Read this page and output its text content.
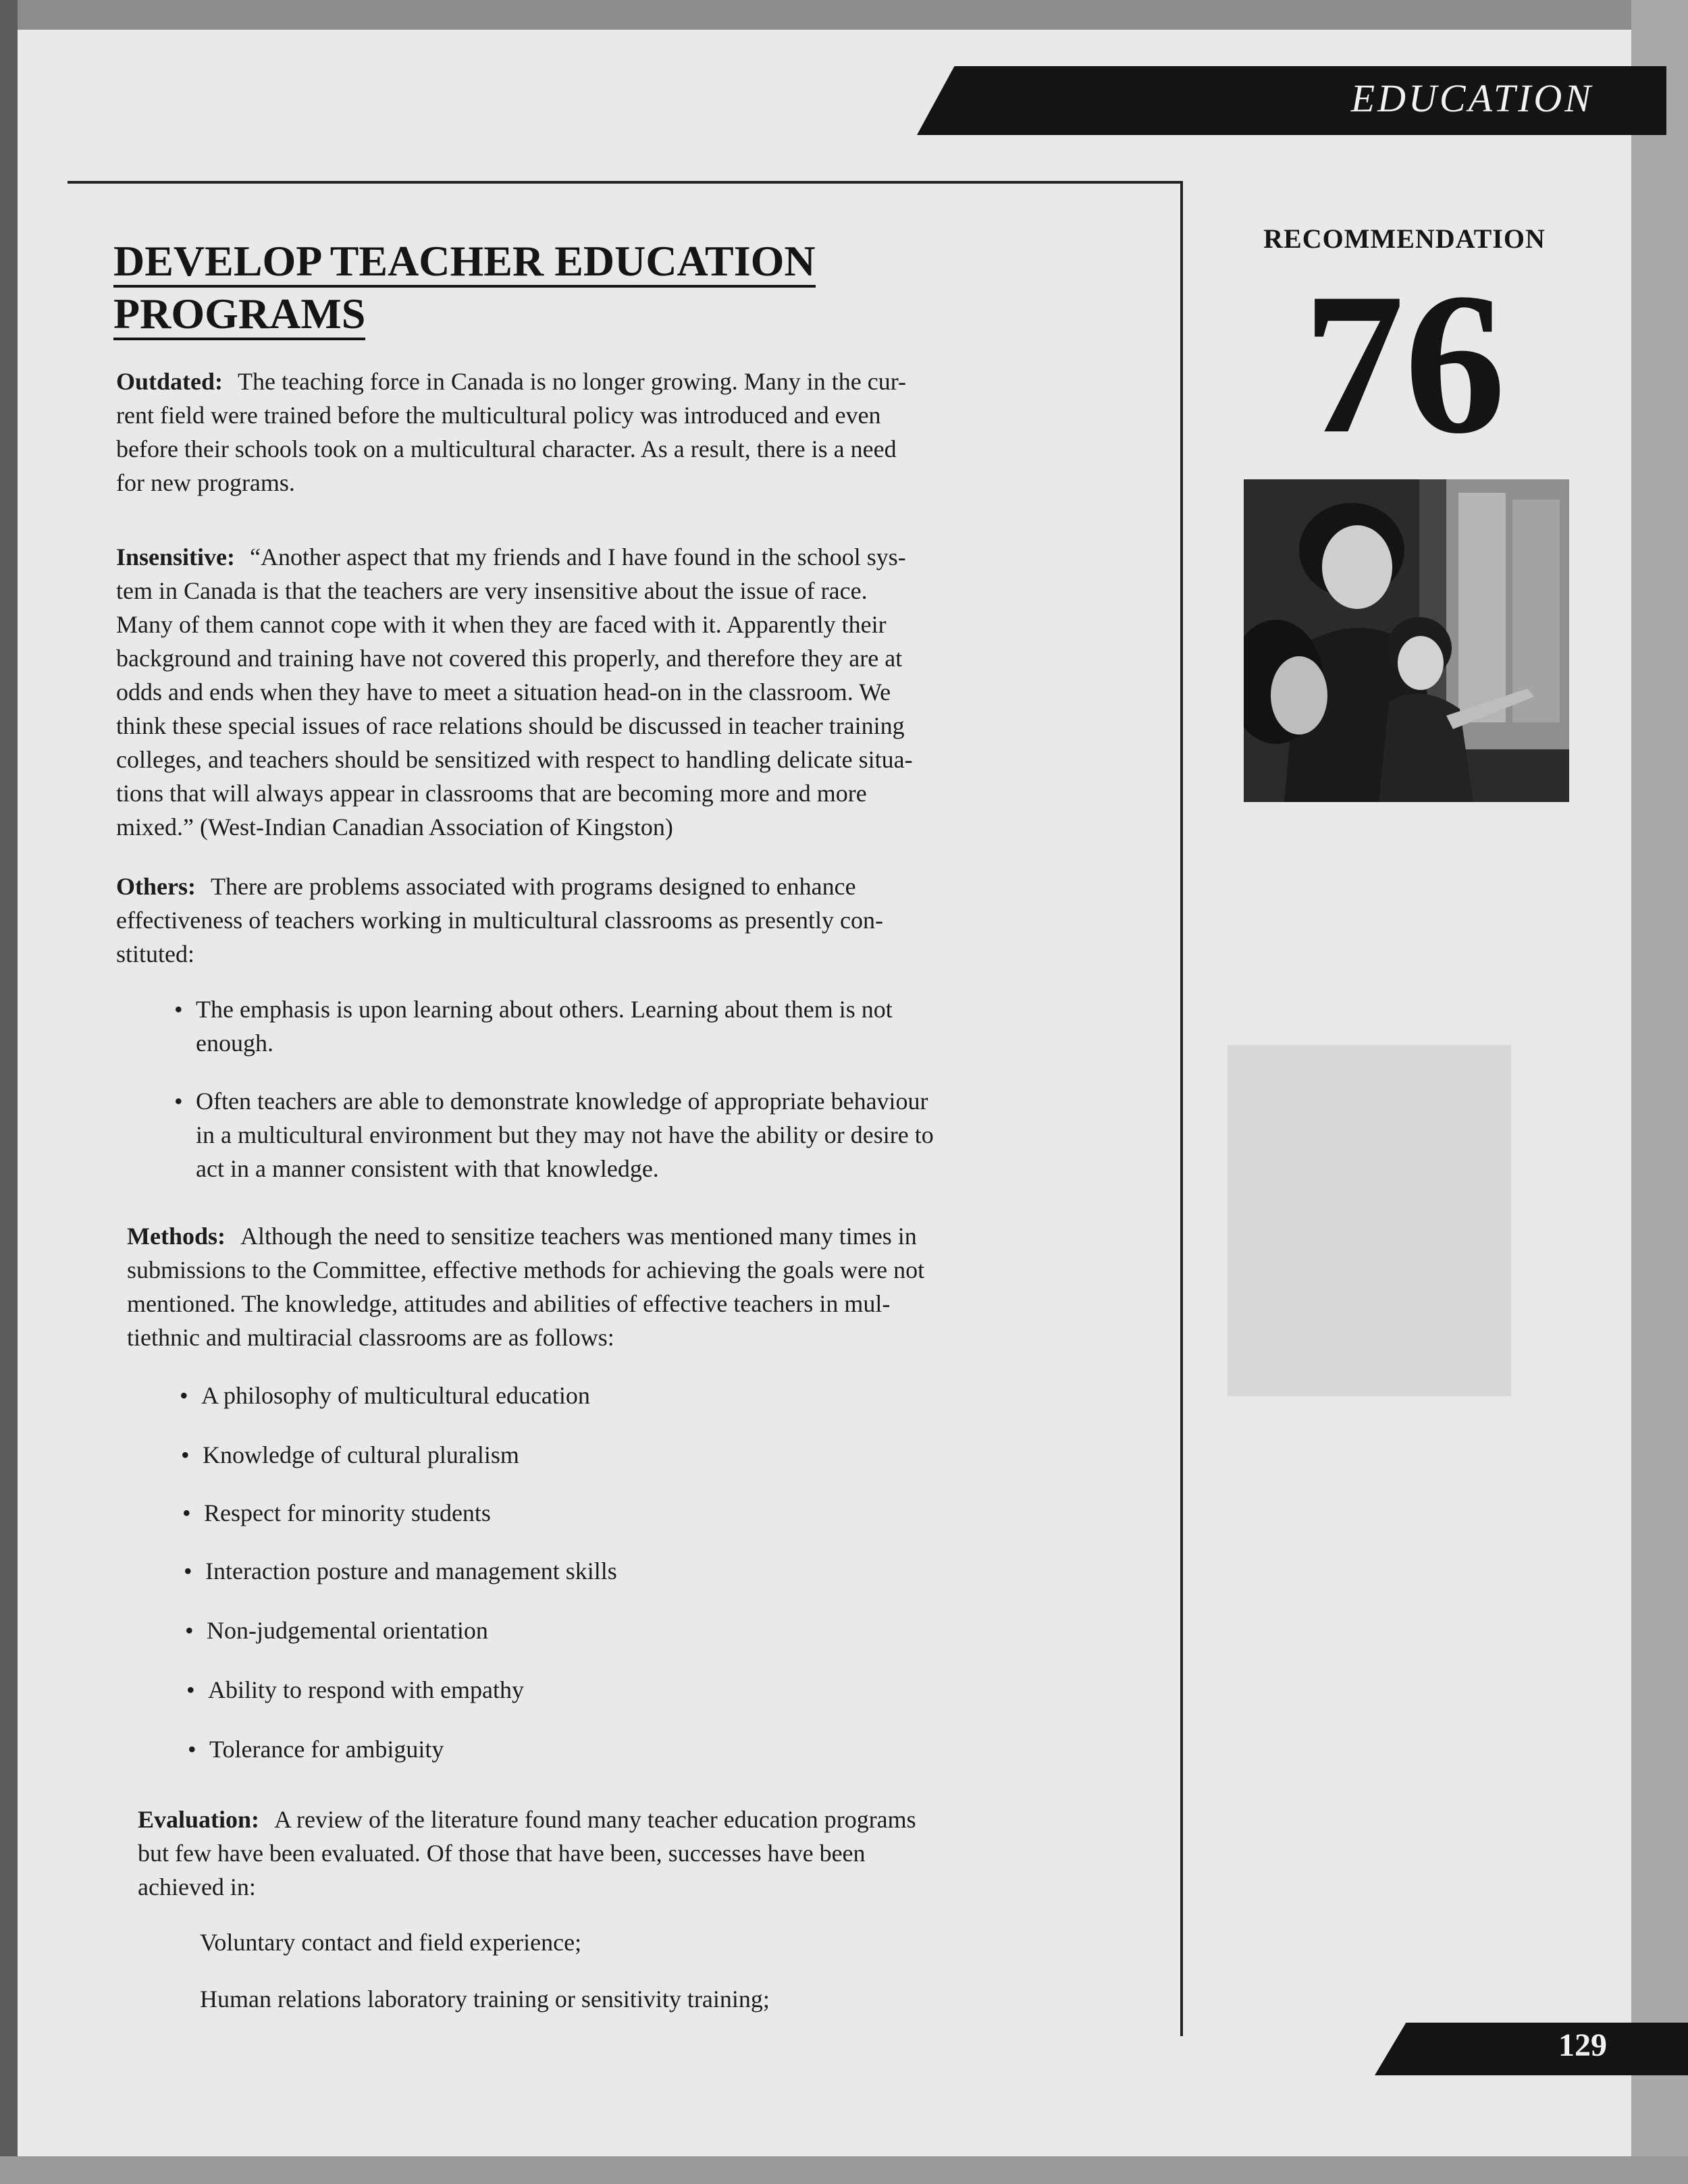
EDUCATION
DEVELOP TEACHER EDUCATION
PROGRAMS

Outdated: The teaching force in Canada is no longer growing. Many in the cur-
rent field were trained before the multicultural policy was introduced and even
before their schools took on a multicultural character. As a result, there is a need
for new programs.

Insensitive: “Another aspect that my friends and I have found in the school sys-
tem in Canada is that the teachers are very insensitive about the issue of race.
Many of them cannot cope with it when they are faced with it. Apparently their
background and training have not covered this properly, and therefore they are at
odds and ends when they have to meet a situation head-on in the classroom. We
think these special issues of race relations should be discussed in teacher training
colleges, and teachers should be sensitized with respect to handling delicate situa-
tions that will always appear in classrooms that are becoming more and more
mixed.” (West-Indian Canadian Association of Kingston)

Others: There are problems associated with programs designed to enhance
effectiveness of teachers working in multicultural classrooms as presently con-
stituted:

• The emphasis is upon learning about others. Learning about them is not
enough.

• Often teachers are able to demonstrate knowledge of appropriate behaviour
in a multicultural environment but they may not have the ability or desire to
act in a manner consistent with that knowledge.

Methods: Although the need to sensitize teachers was mentioned many times in
submissions to the Committee, effective methods for achieving the goals were not
mentioned. The knowledge, attitudes and abilities of effective teachers in mul-
tiethnic and multiracial classrooms are as follows:

• A philosophy of multicultural education

• Knowledge of cultural pluralism

• Respect for minority students

• Interaction posture and management skills

• Non-judgemental orientation

• Ability to respond with empathy

• Tolerance for ambiguity

Evaluation: A review of the literature found many teacher education programs
but few have been evaluated. Of those that have been, successes have been
achieved in:

Voluntary contact and field experience;

Human relations laboratory training or sensitivity training;

RECOMMENDATION
76
129
